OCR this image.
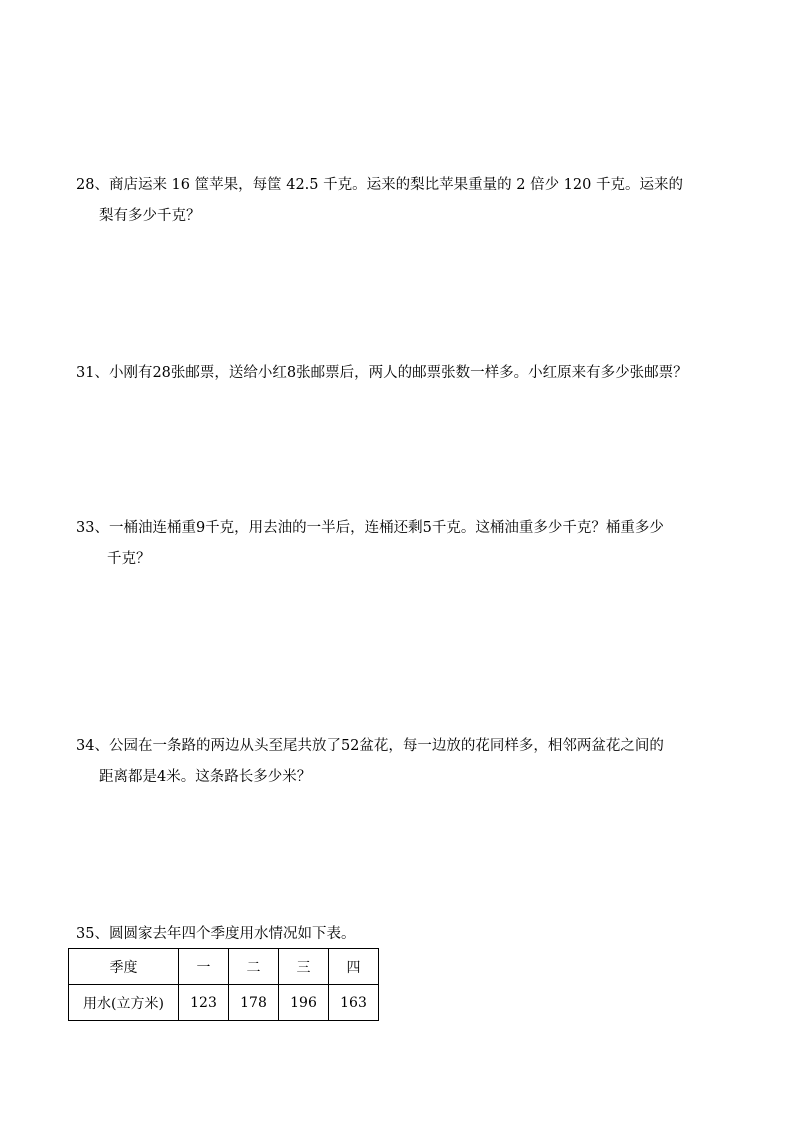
28、商店运来 16 筐苹果，每筐 42.5 千克。运来的梨比苹果重量的 2 倍少 120 千克。运来的
梨有多少千克？
31、小刚有28张邮票，送给小红8张邮票后，两人的邮票张数一样多。小红原来有多少张邮票？
33、一桶油连桶重9千克，用去油的一半后，连桶还剩5千克。这桶油重多少千克？桶重多少
千克？
34、公园在一条路的两边从头至尾共放了52盆花，每一边放的花同样多，相邻两盆花之间的
距离都是4米。这条路长多少米？
35、圆圆家去年四个季度用水情况如下表。
季度	一	二	三	四
用水(立方米)	123	178	196	163
